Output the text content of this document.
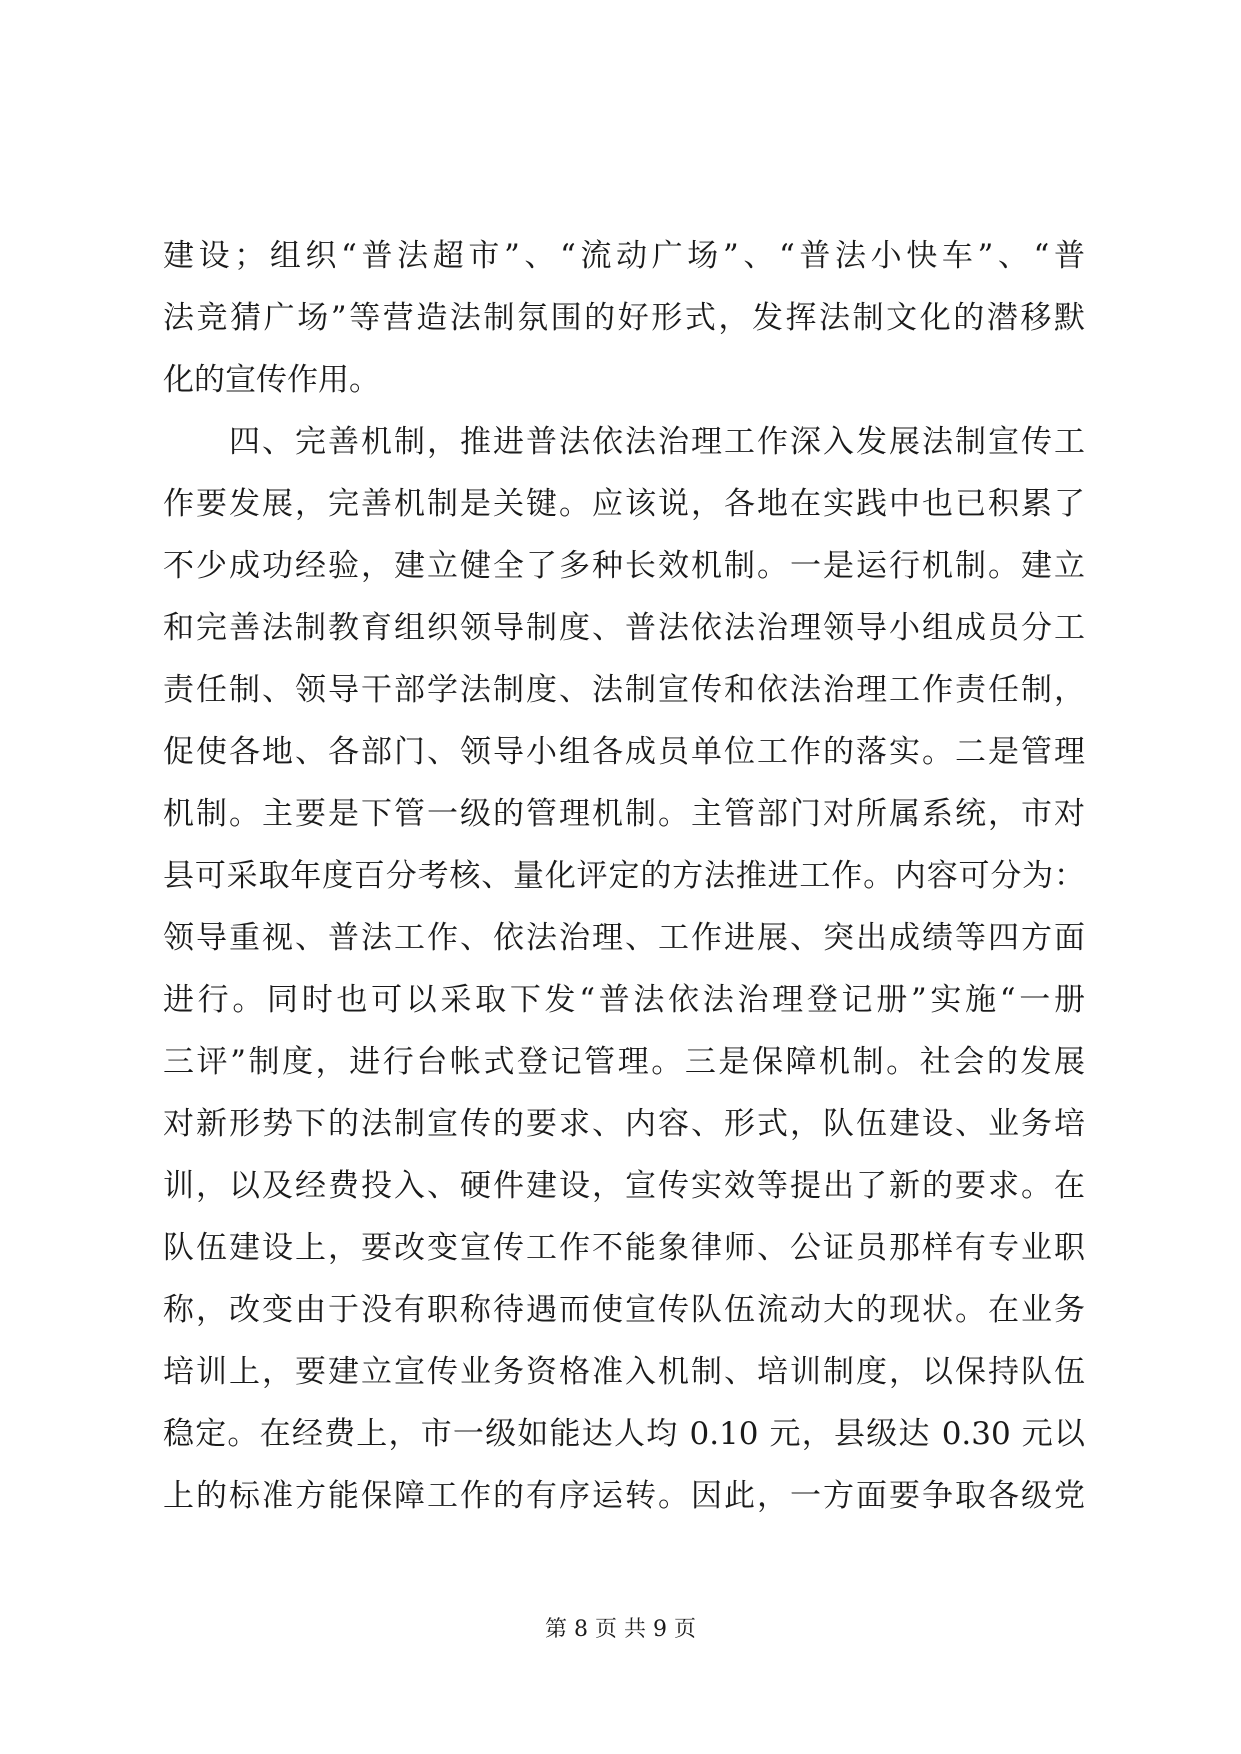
建设；组织“普法超市”、“流动广场”、“普法小快车”、“普
法竞猜广场”等营造法制氛围的好形式，发挥法制文化的潜移默
化的宣传作用。
　　四、完善机制，推进普法依法治理工作深入发展法制宣传工
作要发展，完善机制是关键。应该说，各地在实践中也已积累了
不少成功经验，建立健全了多种长效机制。一是运行机制。建立
和完善法制教育组织领导制度、普法依法治理领导小组成员分工
责任制、领导干部学法制度、法制宣传和依法治理工作责任制，
促使各地、各部门、领导小组各成员单位工作的落实。二是管理
机制。主要是下管一级的管理机制。主管部门对所属系统，市对
县可采取年度百分考核、量化评定的方法推进工作。内容可分为：
领导重视、普法工作、依法治理、工作进展、突出成绩等四方面
进行。同时也可以采取下发“普法依法治理登记册”实施“一册
三评”制度，进行台帐式登记管理。三是保障机制。社会的发展
对新形势下的法制宣传的要求、内容、形式，队伍建设、业务培
训，以及经费投入、硬件建设，宣传实效等提出了新的要求。在
队伍建设上，要改变宣传工作不能象律师、公证员那样有专业职
称，改变由于没有职称待遇而使宣传队伍流动大的现状。在业务
培训上，要建立宣传业务资格准入机制、培训制度，以保持队伍
稳定。在经费上，市一级如能达人均 0.10 元，县级达 0.30 元以
上的标准方能保障工作的有序运转。因此，一方面要争取各级党
第 8 页 共 9 页
